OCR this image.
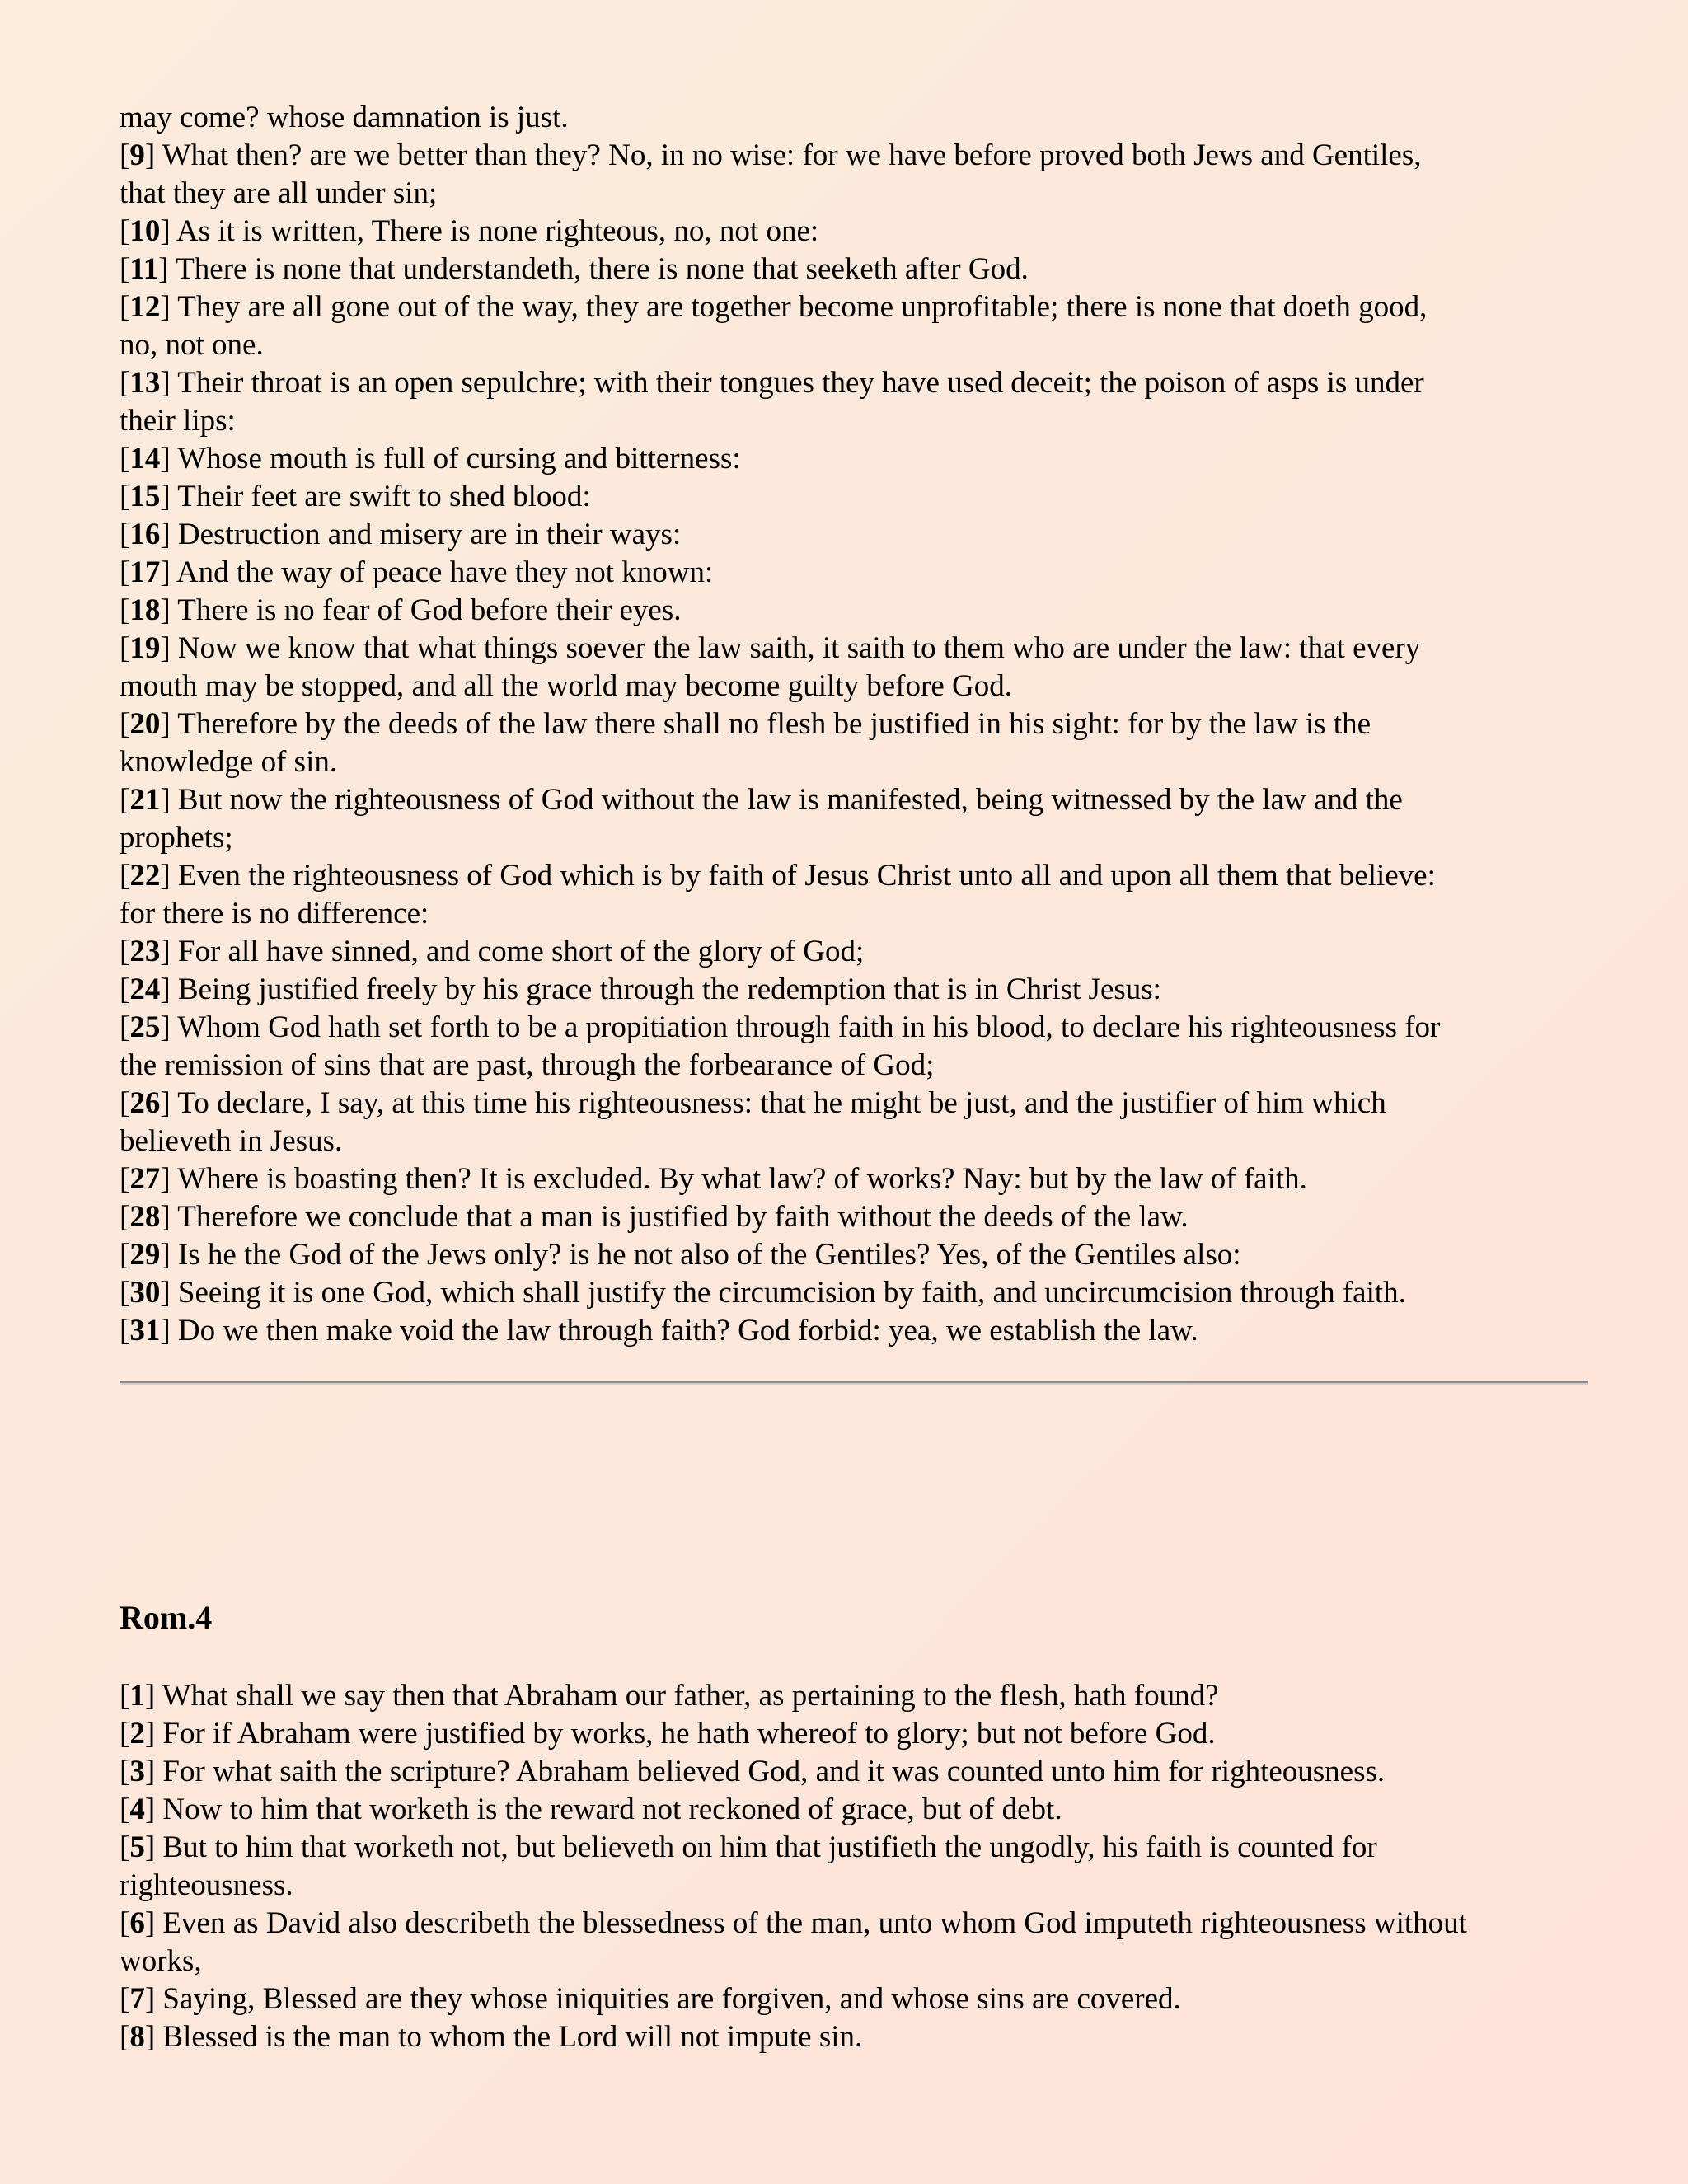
may come? whose damnation is just.
[9] What then? are we better than they? No, in no wise: for we have before proved both Jews and Gentiles,
that they are all under sin;
[10] As it is written, There is none righteous, no, not one:
[11] There is none that understandeth, there is none that seeketh after God.
[12] They are all gone out of the way, they are together become unprofitable; there is none that doeth good,
no, not one.
[13] Their throat is an open sepulchre; with their tongues they have used deceit; the poison of asps is under
their lips:
[14] Whose mouth is full of cursing and bitterness:
[15] Their feet are swift to shed blood:
[16] Destruction and misery are in their ways:
[17] And the way of peace have they not known:
[18] There is no fear of God before their eyes.
[19] Now we know that what things soever the law saith, it saith to them who are under the law: that every
mouth may be stopped, and all the world may become guilty before God.
[20] Therefore by the deeds of the law there shall no flesh be justified in his sight: for by the law is the
knowledge of sin.
[21] But now the righteousness of God without the law is manifested, being witnessed by the law and the
prophets;
[22] Even the righteousness of God which is by faith of Jesus Christ unto all and upon all them that believe:
for there is no difference:
[23] For all have sinned, and come short of the glory of God;
[24] Being justified freely by his grace through the redemption that is in Christ Jesus:
[25] Whom God hath set forth to be a propitiation through faith in his blood, to declare his righteousness for
the remission of sins that are past, through the forbearance of God;
[26] To declare, I say, at this time his righteousness: that he might be just, and the justifier of him which
believeth in Jesus.
[27] Where is boasting then? It is excluded. By what law? of works? Nay: but by the law of faith.
[28] Therefore we conclude that a man is justified by faith without the deeds of the law.
[29] Is he the God of the Jews only? is he not also of the Gentiles? Yes, of the Gentiles also:
[30] Seeing it is one God, which shall justify the circumcision by faith, and uncircumcision through faith.
[31] Do we then make void the law through faith? God forbid: yea, we establish the law.
Rom.4
[1] What shall we say then that Abraham our father, as pertaining to the flesh, hath found?
[2] For if Abraham were justified by works, he hath whereof to glory; but not before God.
[3] For what saith the scripture? Abraham believed God, and it was counted unto him for righteousness.
[4] Now to him that worketh is the reward not reckoned of grace, but of debt.
[5] But to him that worketh not, but believeth on him that justifieth the ungodly, his faith is counted for
righteousness.
[6] Even as David also describeth the blessedness of the man, unto whom God imputeth righteousness without
works,
[7] Saying, Blessed are they whose iniquities are forgiven, and whose sins are covered.
[8] Blessed is the man to whom the Lord will not impute sin.
